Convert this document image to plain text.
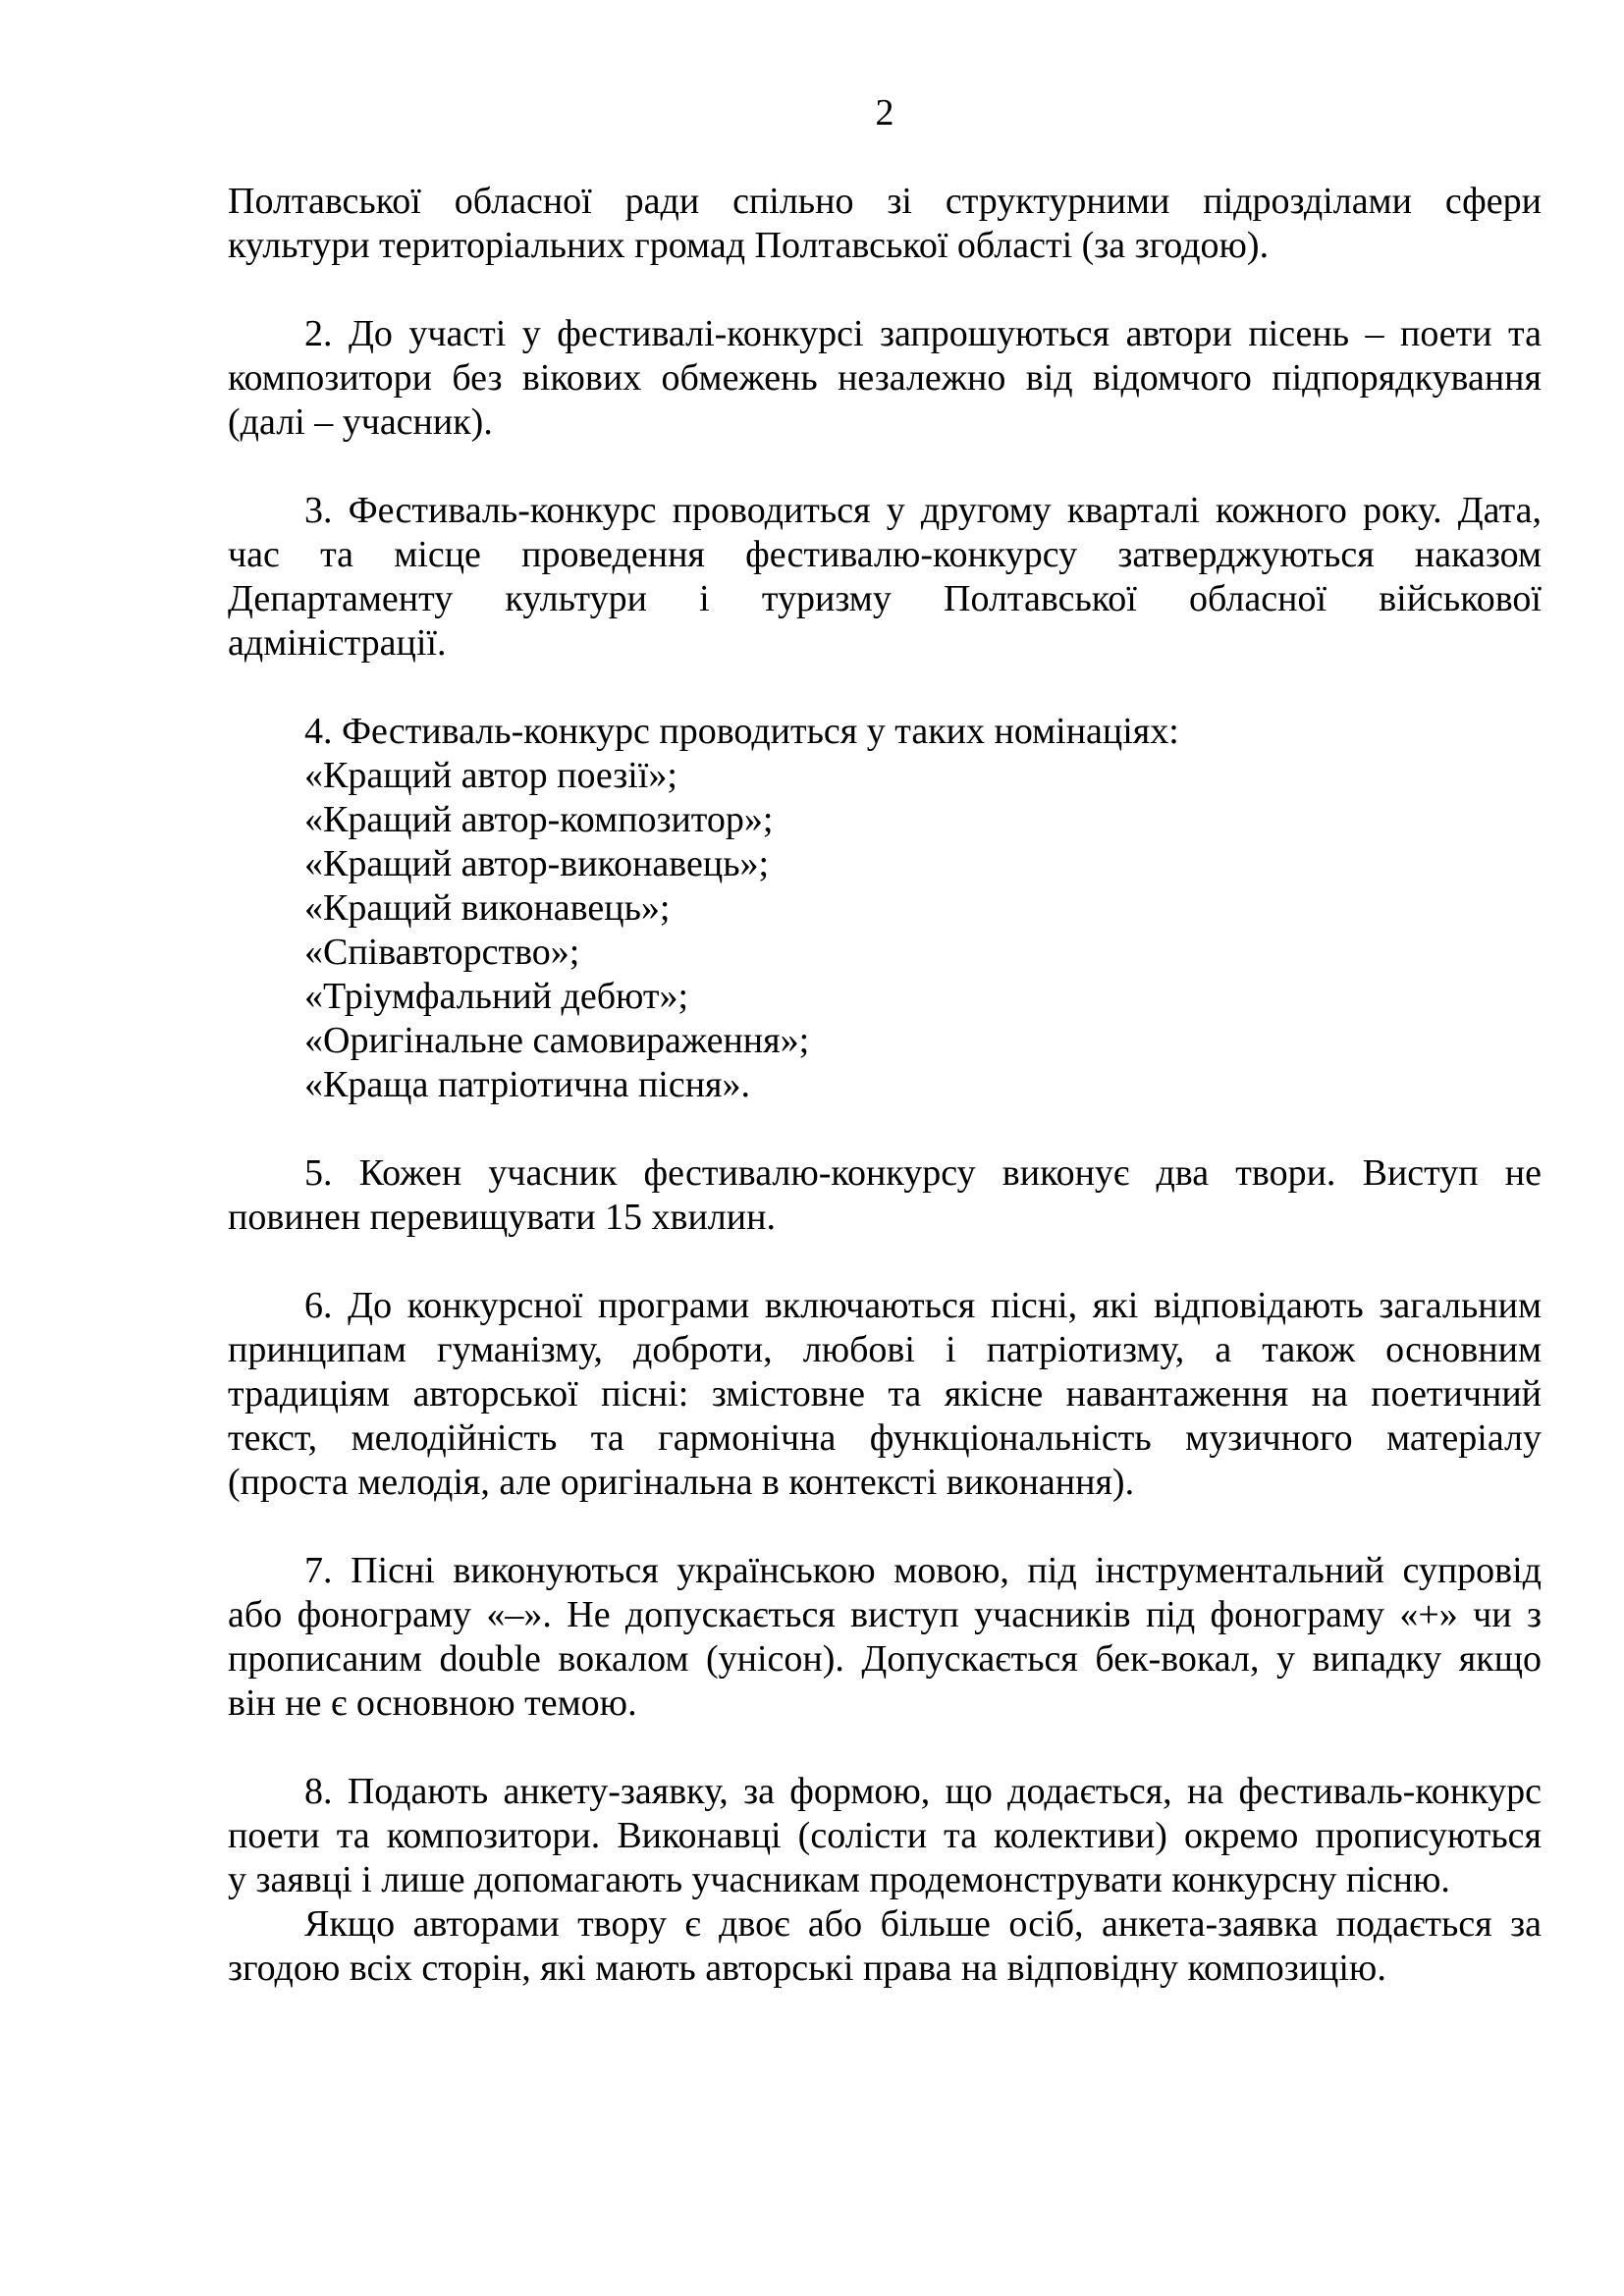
2
Полтавської обласної ради спільно зі структурними підрозділами сфери
культури територіальних громад Полтавської області (за згодою).
2. До участі у фестивалі-конкурсі запрошуються автори пісень – поети та
композитори без вікових обмежень незалежно від відомчого підпорядкування
(далі – учасник).
3. Фестиваль-конкурс проводиться у другому кварталі кожного року. Дата,
час та місце проведення фестивалю-конкурсу затверджуються наказом
Департаменту культури і туризму Полтавської обласної військової
адміністрації.
4. Фестиваль-конкурс проводиться у таких номінаціях:
«Кращий автор поезії»;
«Кращий автор-композитор»;
«Кращий автор-виконавець»;
«Кращий виконавець»;
«Співавторство»;
«Тріумфальний дебют»;
«Оригінальне самовираження»;
«Краща патріотична пісня».
5. Кожен учасник фестивалю-конкурсу виконує два твори. Виступ не
повинен перевищувати 15 хвилин.
6. До конкурсної програми включаються пісні, які відповідають загальним
принципам гуманізму, доброти, любові і патріотизму, а також основним
традиціям авторської пісні: змістовне та якісне навантаження на поетичний
текст, мелодійність та гармонічна функціональність музичного матеріалу
(проста мелодія, але оригінальна в контексті виконання).
7. Пісні виконуються українською мовою, під інструментальний супровід
або фонограму «–». Не допускається виступ учасників під фонограму «+» чи з
прописаним double вокалом (унісон). Допускається бек-вокал, у випадку якщо
він не є основною темою.
8. Подають анкету-заявку, за формою, що додається, на фестиваль-конкурс
поети та композитори. Виконавці (солісти та колективи) окремо прописуються
у заявці і лише допомагають учасникам продемонструвати конкурсну пісню.
Якщо авторами твору є двоє або більше осіб, анкета-заявка подається за
згодою всіх сторін, які мають авторські права на відповідну композицію.
